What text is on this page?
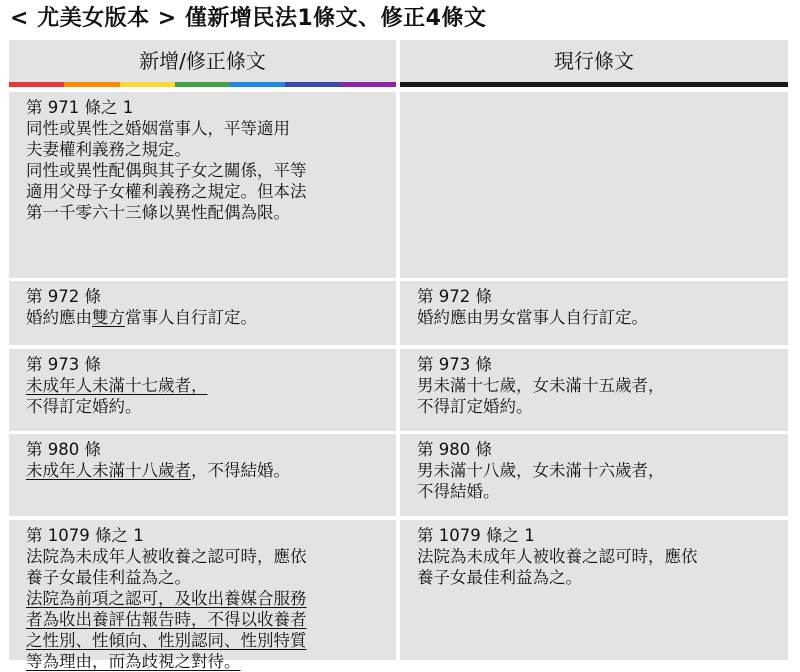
< 尤美女版本 > 僅新增民法1條文、修正4條文
新增/修正條文	現行條文
第 971 條之 1
同性或異性之婚姻當事人，平等適用
夫妻權利義務之規定。
同性或異性配偶與其子女之關係，平等
適用父母子女權利義務之規定。但本法
第一千零六十三條以異性配偶為限。
第 972 條
婚約應由雙方當事人自行訂定。
第 972 條
婚約應由男女當事人自行訂定。
第 973 條
未成年人未滿十七歲者，
不得訂定婚約。
第 973 條
男未滿十七歲，女未滿十五歲者，
不得訂定婚約。
第 980 條
未成年人未滿十八歲者，不得結婚。
第 980 條
男未滿十八歲，女未滿十六歲者，
不得結婚。
第 1079 條之 1
法院為未成年人被收養之認可時，應依
養子女最佳利益為之。
法院為前項之認可，及收出養媒合服務
者為收出養評估報告時，不得以收養者
之性別、性傾向、性別認同、性別特質
等為理由，而為歧視之對待。
第 1079 條之 1
法院為未成年人被收養之認可時，應依
養子女最佳利益為之。
